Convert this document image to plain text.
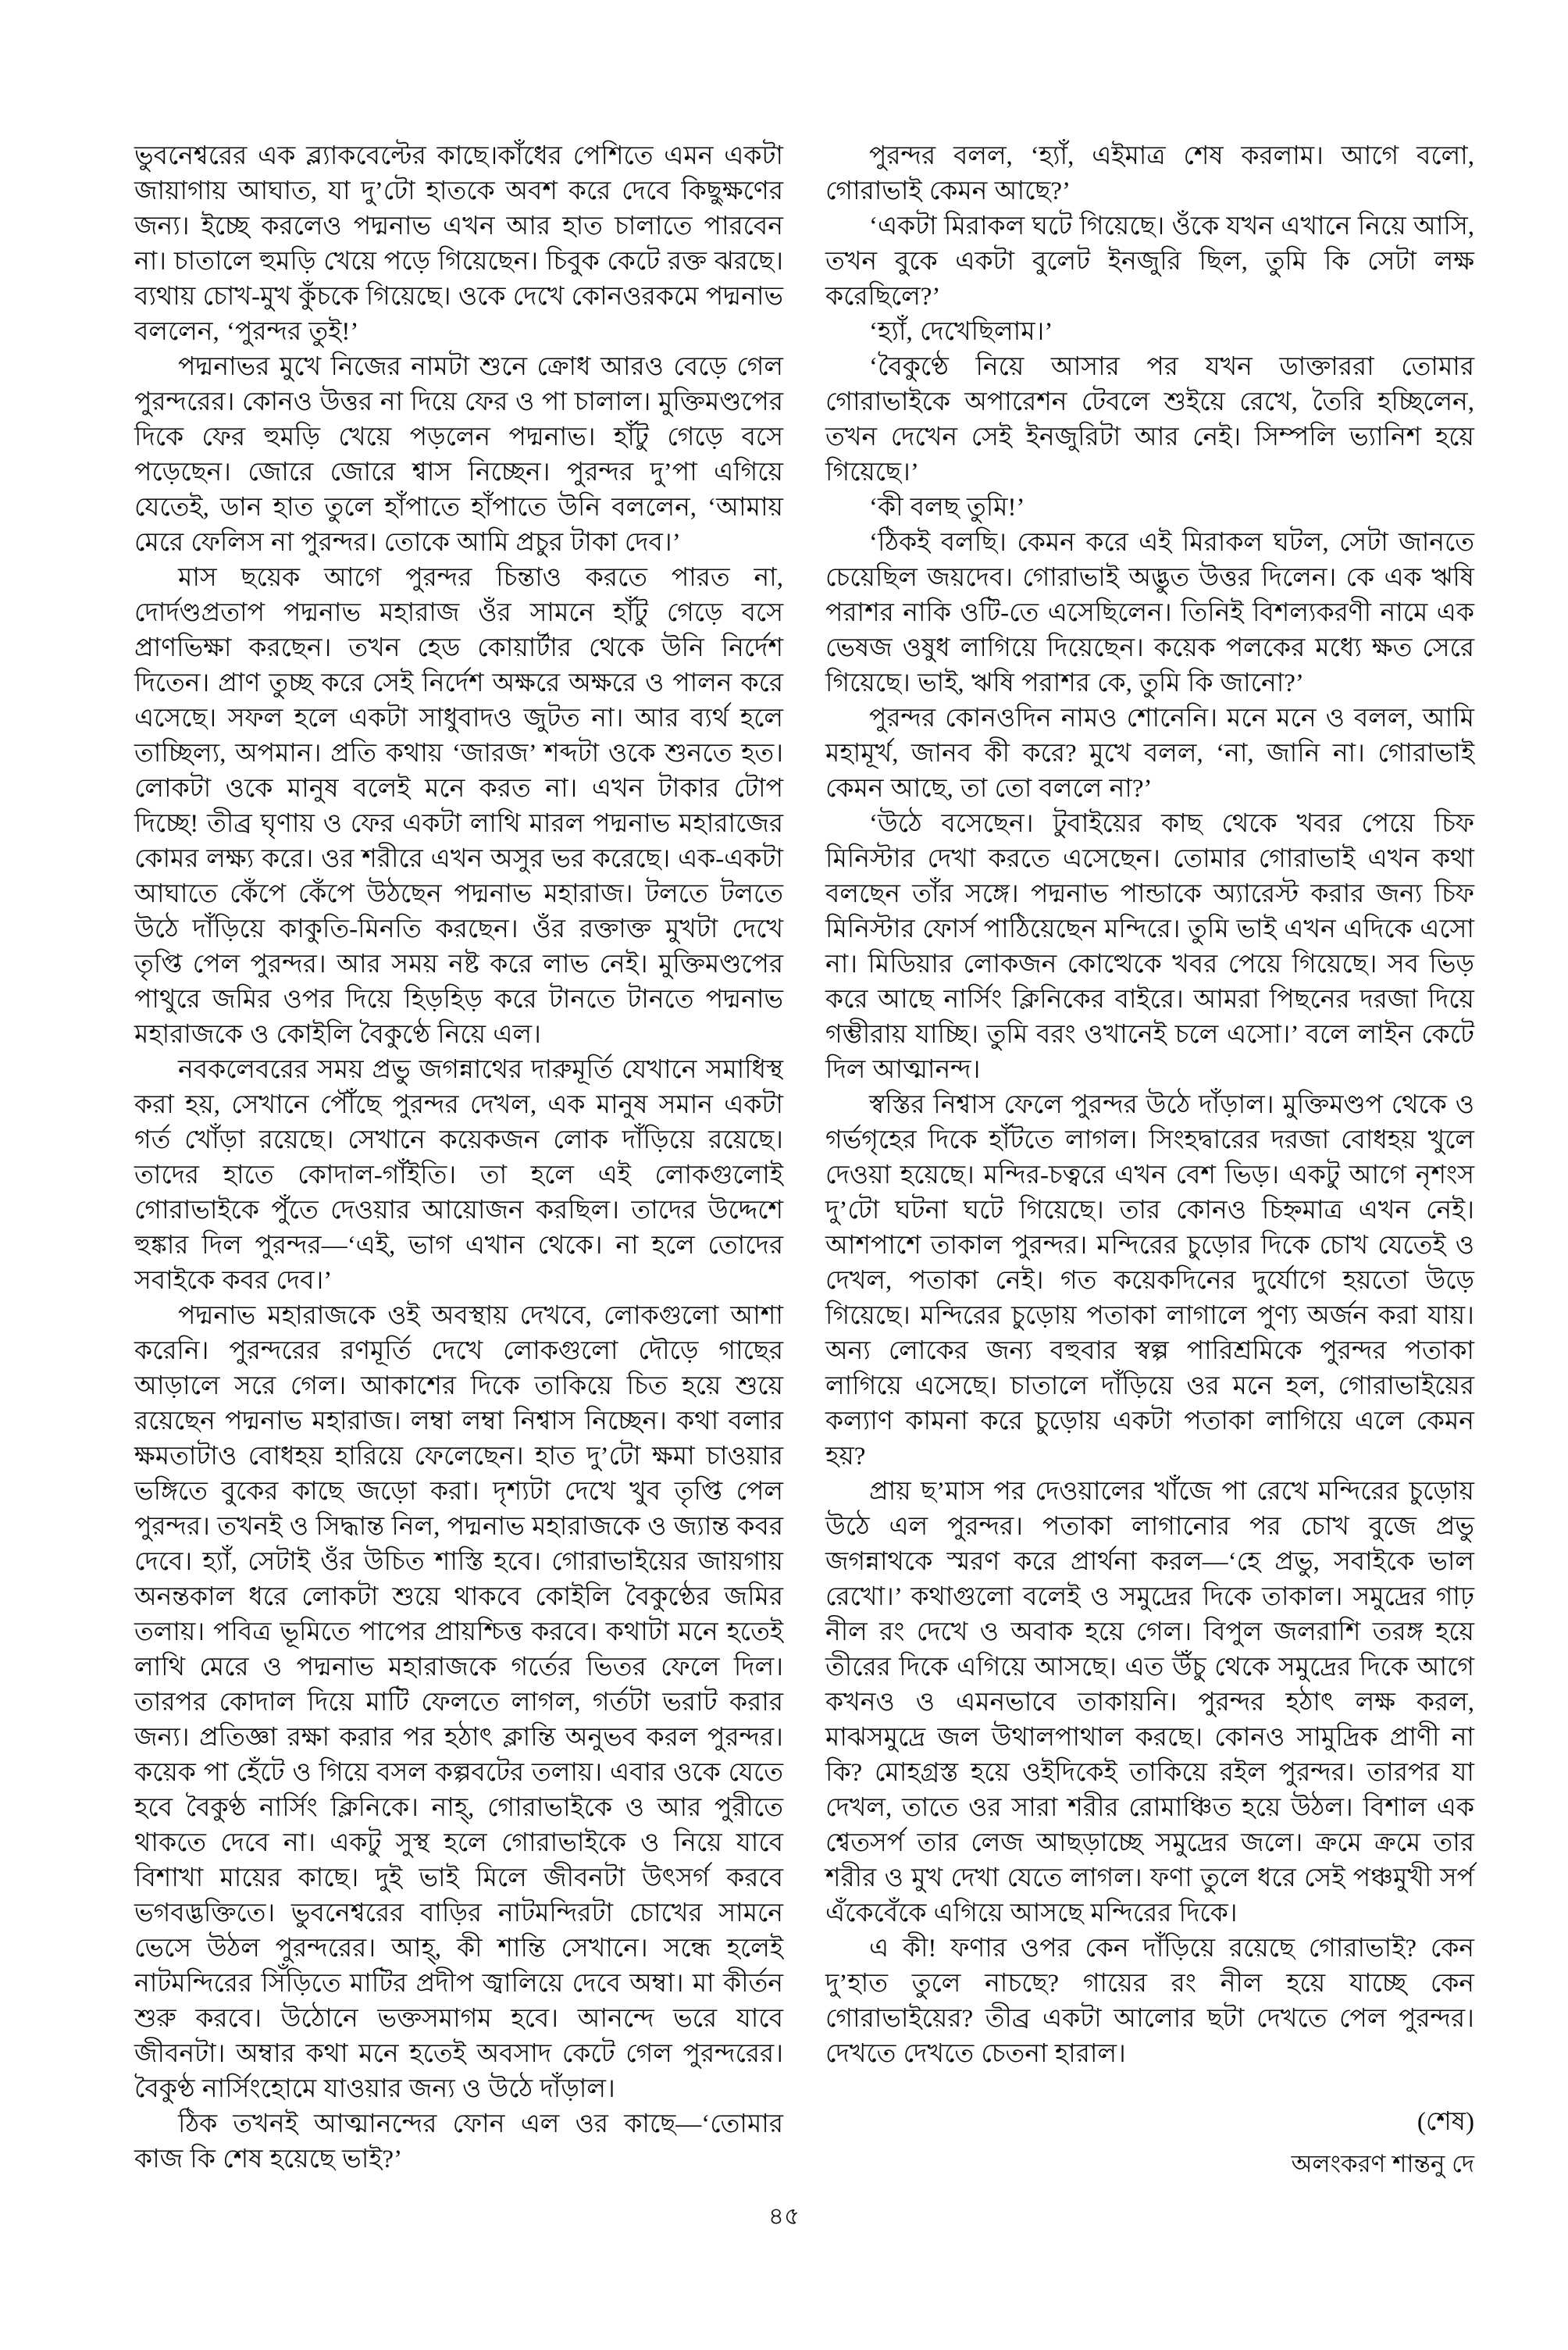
ভুবনেশ্বরের এক ব্ল্যাকবেল্টের কাছে।কাঁধের পেশিতে এমন একটা জায়াগায় আঘাত, যা দু’টো হাতকে অবশ করে দেবে কিছুক্ষণের জন্য। ইচ্ছে করলেও পদ্মনাভ এখন আর হাত চালাতে পারবেন না। চাতালে হুমড়ি খেয়ে পড়ে গিয়েছেন। চিবুক কেটে রক্ত ঝরছে। ব্যথায় চোখ-মুখ কুঁচকে গিয়েছে। ওকে দেখে কোনওরকমে পদ্মনাভ বললেন, ‘পুরন্দর তুই!’

পদ্মনাভর মুখে নিজের নামটা শুনে ক্রোধ আরও বেড়ে গেল পুরন্দরের। কোনও উত্তর না দিয়ে ফের ও পা চালাল। মুক্তিমণ্ডপের দিকে ফের হুমড়ি খেয়ে পড়লেন পদ্মনাভ। হাঁটু গেড়ে বসে পড়েছেন। জোরে জোরে শ্বাস নিচ্ছেন। পুরন্দর দু’পা এগিয়ে যেতেই, ডান হাত তুলে হাঁপাতে হাঁপাতে উনি বললেন, ‘আমায় মেরে ফেলিস না পুরন্দর। তোকে আমি প্রচুর টাকা দেব।’

মাস ছয়েক আগে পুরন্দর চিন্তাও করতে পারত না, দোর্দণ্ডপ্রতাপ পদ্মনাভ মহারাজ ওঁর সামনে হাঁটু গেড়ে বসে প্রাণভিক্ষা করছেন। তখন হেড কোয়ার্টার থেকে উনি নির্দেশ দিতেন। প্রাণ তুচ্ছ করে সেই নির্দেশ অক্ষরে অক্ষরে ও পালন করে এসেছে। সফল হলে একটা সাধুবাদও জুটত না। আর ব্যর্থ হলে তাচ্ছিল্য, অপমান। প্রতি কথায় ‘জারজ’ শব্দটা ওকে শুনতে হত। লোকটা ওকে মানুষ বলেই মনে করত না। এখন টাকার টোপ দিচ্ছে! তীব্র ঘৃণায় ও ফের একটা লাথি মারল পদ্মনাভ মহারাজের কোমর লক্ষ্য করে। ওর শরীরে এখন অসুর ভর করেছে। এক-একটা আঘাতে কেঁপে কেঁপে উঠছেন পদ্মনাভ মহারাজ। টলতে টলতে উঠে দাঁড়িয়ে কাকুতি-মিনতি করছেন। ওঁর রক্তাক্ত মুখটা দেখে তৃপ্তি পেল পুরন্দর। আর সময় নষ্ট করে লাভ নেই। মুক্তিমণ্ডপের পাথুরে জমির ওপর দিয়ে হিড়হিড় করে টানতে টানতে পদ্মনাভ মহারাজকে ও কোইলি বৈকুণ্ঠে নিয়ে এল।

নবকলেবরের সময় প্রভু জগন্নাথের দারুমূর্তি যেখানে সমাধিস্থ করা হয়, সেখানে পৌঁছে পুরন্দর দেখল, এক মানুষ সমান একটা গর্ত খোঁড়া রয়েছে। সেখানে কয়েকজন লোক দাঁড়িয়ে রয়েছে। তাদের হাতে কোদাল-গাঁইতি। তা হলে এই লোকগুলোই গোরাভাইকে পুঁতে দেওয়ার আয়োজন করছিল। তাদের উদ্দেশে হুঙ্কার দিল পুরন্দর—‘এই, ভাগ এখান থেকে। না হলে তোদের সবাইকে কবর দেব।’

পদ্মনাভ মহারাজকে ওই অবস্থায় দেখবে, লোকগুলো আশা করেনি। পুরন্দরের রণমূর্তি দেখে লোকগুলো দৌড়ে গাছের আড়ালে সরে গেল। আকাশের দিকে তাকিয়ে চিত হয়ে শুয়ে রয়েছেন পদ্মনাভ মহারাজ। লম্বা লম্বা নিশ্বাস নিচ্ছেন। কথা বলার ক্ষমতাটাও বোধহয় হারিয়ে ফেলেছেন। হাত দু’টো ক্ষমা চাওয়ার ভঙ্গিতে বুকের কাছে জড়ো করা। দৃশ্যটা দেখে খুব তৃপ্তি পেল পুরন্দর। তখনই ও সিদ্ধান্ত নিল, পদ্মনাভ মহারাজকে ও জ্যান্ত কবর দেবে। হ্যাঁ, সেটাই ওঁর উচিত শাস্তি হবে। গোরাভাইয়ের জায়গায় অনন্তকাল ধরে লোকটা শুয়ে থাকবে কোইলি বৈকুণ্ঠের জমির তলায়। পবিত্র ভূমিতে পাপের প্রায়শ্চিত্ত করবে। কথাটা মনে হতেই লাথি মেরে ও পদ্মনাভ মহারাজকে গর্তের ভিতর ফেলে দিল। তারপর কোদাল দিয়ে মাটি ফেলতে লাগল, গর্তটা ভরাট করার জন্য। প্রতিজ্ঞা রক্ষা করার পর হঠাৎ ক্লান্তি অনুভব করল পুরন্দর। কয়েক পা হেঁটে ও গিয়ে বসল কল্পবটের তলায়। এবার ওকে যেতে হবে বৈকুণ্ঠ নার্সিং ক্লিনিকে। নাহ্, গোরাভাইকে ও আর পুরীতে থাকতে দেবে না। একটু সুস্থ হলে গোরাভাইকে ও নিয়ে যাবে বিশাখা মায়ের কাছে। দুই ভাই মিলে জীবনটা উৎসর্গ করবে ভগবদ্ভক্তিতে। ভুবনেশ্বরের বাড়ির নাটমন্দিরটা চোখের সামনে ভেসে উঠল পুরন্দরের। আহ্, কী শান্তি সেখানে। সন্ধে হলেই নাটমন্দিরের সিঁড়িতে মাটির প্রদীপ জ্বালিয়ে দেবে অম্বা। মা কীর্তন শুরু করবে। উঠোনে ভক্তসমাগম হবে। আনন্দে ভরে যাবে জীবনটা। অম্বার কথা মনে হতেই অবসাদ কেটে গেল পুরন্দরের। বৈকুণ্ঠ নার্সিংহোমে যাওয়ার জন্য ও উঠে দাঁড়াল।

ঠিক তখনই আত্মানন্দের ফোন এল ওর কাছে—‘তোমার কাজ কি শেষ হয়েছে ভাই?’

পুরন্দর বলল, ‘হ্যাঁ, এইমাত্র শেষ করলাম। আগে বলো, গোরাভাই কেমন আছে?’

‘একটা মিরাকল ঘটে গিয়েছে। ওঁকে যখন এখানে নিয়ে আসি, তখন বুকে একটা বুলেট ইনজুরি ছিল, তুমি কি সেটা লক্ষ করেছিলে?’

‘হ্যাঁ, দেখেছিলাম।’

‘বৈকুণ্ঠে নিয়ে আসার পর যখন ডাক্তাররা তোমার গোরাভাইকে অপারেশন টেবলে শুইয়ে রেখে, তৈরি হচ্ছিলেন, তখন দেখেন সেই ইনজুরিটা আর নেই। সিম্পলি ভ্যানিশ হয়ে গিয়েছে।’

‘কী বলছ তুমি!’

‘ঠিকই বলছি। কেমন করে এই মিরাকল ঘটল, সেটা জানতে চেয়েছিল জয়দেব। গোরাভাই অদ্ভুত উত্তর দিলেন। কে এক ঋষি পরাশর নাকি ওটি-তে এসেছিলেন। তিনিই বিশল্যকরণী নামে এক ভেষজ ওষুধ লাগিয়ে দিয়েছেন। কয়েক পলকের মধ্যে ক্ষত সেরে গিয়েছে। ভাই, ঋষি পরাশর কে, তুমি কি জানো?’

পুরন্দর কোনওদিন নামও শোনেনি। মনে মনে ও বলল, আমি মহামূর্খ, জানব কী করে? মুখে বলল, ‘না, জানি না। গোরাভাই কেমন আছে, তা তো বললে না?’

‘উঠে বসেছেন। টুবাইয়ের কাছ থেকে খবর পেয়ে চিফ মিনিস্টার দেখা করতে এসেছেন। তোমার গোরাভাই এখন কথা বলছেন তাঁর সঙ্গে। পদ্মনাভ পান্ডাকে অ্যারেস্ট করার জন্য চিফ মিনিস্টার ফোর্স পাঠিয়েছেন মন্দিরে। তুমি ভাই এখন এদিকে এসো না। মিডিয়ার লোকজন কোত্থেকে খবর পেয়ে গিয়েছে। সব ভিড় করে আছে নার্সিং ক্লিনিকের বাইরে। আমরা পিছনের দরজা দিয়ে গম্ভীরায় যাচ্ছি। তুমি বরং ওখানেই চলে এসো।’ বলে লাইন কেটে দিল আত্মানন্দ।

স্বস্তির নিশ্বাস ফেলে পুরন্দর উঠে দাঁড়াল। মুক্তিমণ্ডপ থেকে ও গর্ভগৃহের দিকে হাঁটতে লাগল। সিংহদ্বারের দরজা বোধহয় খুলে দেওয়া হয়েছে। মন্দির-চত্বরে এখন বেশ ভিড়। একটু আগে নৃশংস দু’টো ঘটনা ঘটে গিয়েছে। তার কোনও চিহ্নমাত্র এখন নেই। আশপাশে তাকাল পুরন্দর। মন্দিরের চুড়োর দিকে চোখ যেতেই ও দেখল, পতাকা নেই। গত কয়েকদিনের দুর্যোগে হয়তো উড়ে গিয়েছে। মন্দিরের চুড়োয় পতাকা লাগালে পুণ্য অর্জন করা যায়। অন্য লোকের জন্য বহুবার স্বল্প পারিশ্রমিকে পুরন্দর পতাকা লাগিয়ে এসেছে। চাতালে দাঁড়িয়ে ওর মনে হল, গোরাভাইয়ের কল্যাণ কামনা করে চুড়োয় একটা পতাকা লাগিয়ে এলে কেমন হয়?

প্রায় ছ’মাস পর দেওয়ালের খাঁজে পা রেখে মন্দিরের চুড়োয় উঠে এল পুরন্দর। পতাকা লাগানোর পর চোখ বুজে প্রভু জগন্নাথকে স্মরণ করে প্রার্থনা করল—‘হে প্রভু, সবাইকে ভাল রেখো।’ কথাগুলো বলেই ও সমুদ্রের দিকে তাকাল। সমুদ্রের গাঢ় নীল রং দেখে ও অবাক হয়ে গেল। বিপুল জলরাশি তরঙ্গ হয়ে তীরের দিকে এগিয়ে আসছে। এত উঁচু থেকে সমুদ্রের দিকে আগে কখনও ও এমনভাবে তাকায়নি। পুরন্দর হঠাৎ লক্ষ করল, মাঝসমুদ্রে জল উথালপাথাল করছে। কোনও সামুদ্রিক প্রাণী না কি? মোহগ্রস্ত হয়ে ওইদিকেই তাকিয়ে রইল পুরন্দর। তারপর যা দেখল, তাতে ওর সারা শরীর রোমাঞ্চিত হয়ে উঠল। বিশাল এক শ্বেতসর্প তার লেজ আছড়াচ্ছে সমুদ্রের জলে। ক্রমে ক্রমে তার শরীর ও মুখ দেখা যেতে লাগল। ফণা তুলে ধরে সেই পঞ্চমুখী সর্প এঁকেবেঁকে এগিয়ে আসছে মন্দিরের দিকে।

এ কী! ফণার ওপর কেন দাঁড়িয়ে রয়েছে গোরাভাই? কেন দু’হাত তুলে নাচছে? গায়ের রং নীল হয়ে যাচ্ছে কেন গোরাভাইয়ের? তীব্র একটা আলোর ছটা দেখতে পেল পুরন্দর। দেখতে দেখতে চেতনা হারাল।

(শেষ)

অলংকরণ শান্তনু দে

৪৫
